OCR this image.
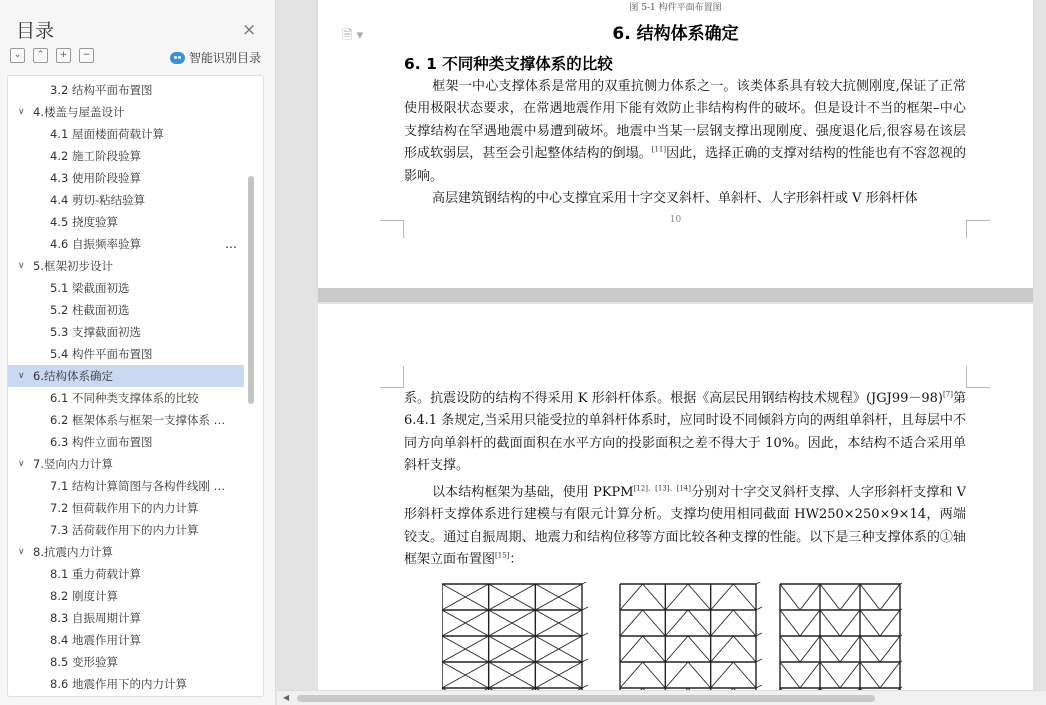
目录	×
⌄	⌃	+	−	智能识别目录
3.2 结构平面布置图
∨ 4.楼盖与屋盖设计
4.1 屋面楼面荷载计算
4.2 施工阶段验算
4.3 使用阶段验算
4.4 剪切-粘结验算
4.5 挠度验算
4.6 自振频率验算	…
∨ 5.框架初步设计
5.1 梁截面初选
5.2 柱截面初选
5.3 支撑截面初选
5.4 构件平面布置图
∨ 6.结构体系确定
6.1 不同种类支撑体系的比较
6.2 框架体系与框架一支撑体系 …
6.3 构件立面布置图
∨ 7.竖向内力计算
7.1 结构计算简图与各构件线刚 …
7.2 恒荷载作用下的内力计算
7.3 活荷载作用下的内力计算
∨ 8.抗震内力计算
8.1 重力荷载计算
8.2 刚度计算
8.3 自振周期计算
8.4 地震作用计算
8.5 变形验算
8.6 地震作用下的内力计算
图 5-1 构件平面布置图
🗎 ▾	6. 结构体系确定
6. 1 不同种类支撑体系的比较
框架一中心支撑体系是常用的双重抗侧力体系之一。该类体系具有较大抗侧刚度,保证了正常使用极限状态要求，在常遇地震作用下能有效防止非结构构件的破坏。但是设计不当的框架–中心支撑结构在罕遇地震中易遭到破坏。地震中当某一层钢支撑出现刚度、强度退化后,很容易在该层形成软弱层，甚至会引起整体结构的倒塌。[11]因此，选择正确的支撑对结构的性能也有不容忽视的影响。
高层建筑钢结构的中心支撑宜采用十字交叉斜杆、单斜杆、人字形斜杆或 V 形斜杆体
10
系。抗震设防的结构不得采用 K 形斜杆体系。根据《高层民用钢结构技术规程》(JGJ99－98)[7]第 6.4.1 条规定,当采用只能受拉的单斜杆体系时，应同时设不同倾斜方向的两组单斜杆，且每层中不同方向单斜杆的截面面积在水平方向的投影面积之差不得大于 10%。因此，本结构不适合采用单斜杆支撑。
以本结构框架为基础，使用 PKPM[12]、[13]、[14]分别对十字交叉斜杆支撑、人字形斜杆支撑和 V 形斜杆支撑体系进行建模与有限元计算分析。支撑均使用相同截面 HW250×250×9×14，两端铰支。通过自振周期、地震力和结构位移等方面比较各种支撑的性能。以下是三种支撑体系的①轴框架立面布置图[15]：
◀
